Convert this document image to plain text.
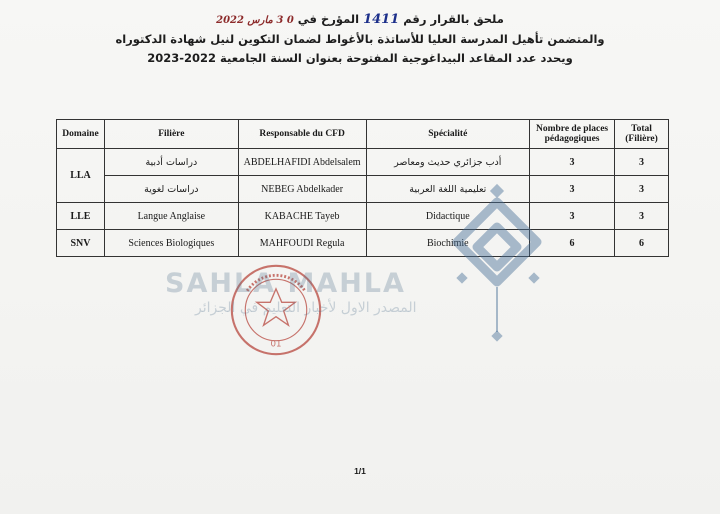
ملحق بالقرار رقم 1411 المؤرخ في 0 3 مارس 2022
والمتضمن تأهيل المدرسة العليا للأساتذة بالأغواط لضمان التكوين لنيل شهادة الدكتوراه
ويحدد عدد المقاعد البيداغوجية المفتوحة بعنوان السنة الجامعية 2022-2023
Domaine	Filière	Responsable du CFD	Spécialité	Nombre de places pédagogiques	Total (Filière)
LLA	دراسات أدبية	ABDELHAFIDI Abdelsalem	أدب جزائري حديث ومعاصر	3	3
	دراسات لغوية	NEBEG Abdelkader	تعليمية اللغة العربية	3	3
LLE	Langue Anglaise	KABACHE Tayeb	Didactique	3	3
SNV	Sciences Biologiques	MAHFOUDI Regula	Biochimie	6	6
01
SAHLA MAHLA
المصدر الاول لأخبار التعليم في الجزائر
1/1
